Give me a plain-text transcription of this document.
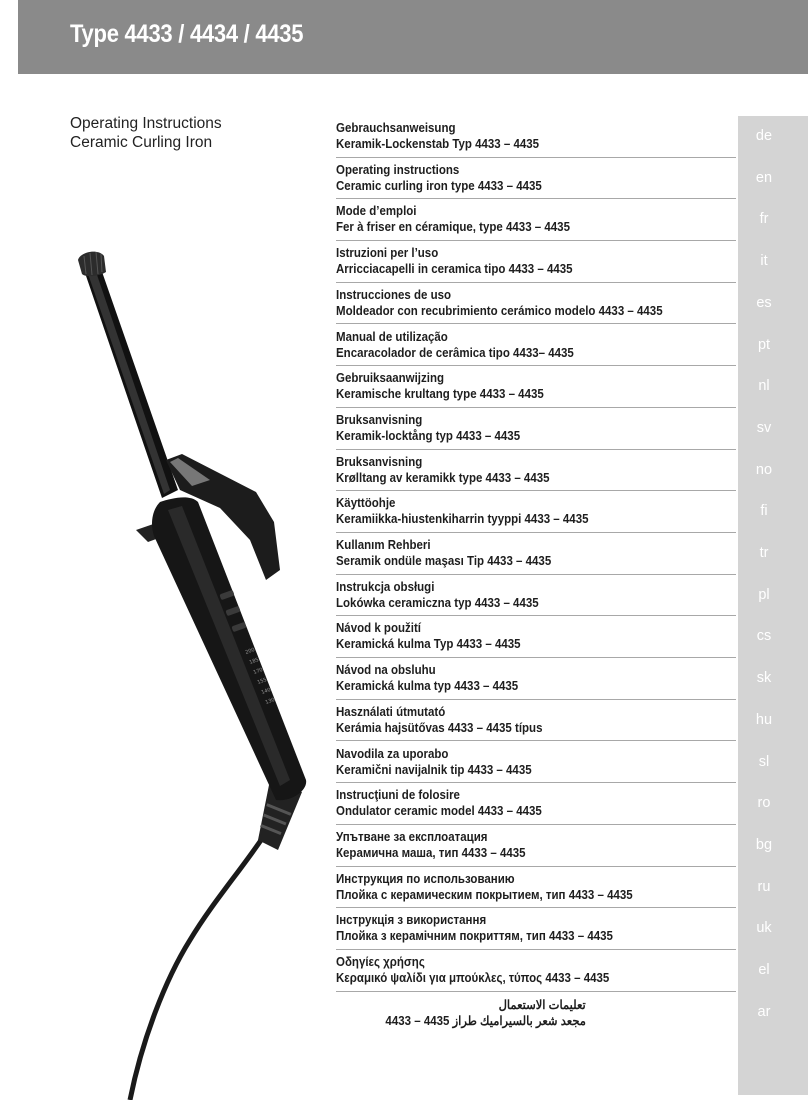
Type 4433 / 4434 / 4435
Operating Instructions
Ceramic Curling Iron
200
185
170
155
140
130
de
en
fr
it
es
pt
nl
sv
no
fi
tr
pl
cs
sk
hu
sl
ro
bg
ru
uk
el
ar
Gebrauchsanweisung
Keramik-Lockenstab Typ 4433 – 4435
Operating instructions
Ceramic curling iron type 4433 – 4435
Mode d’emploi
Fer à friser en céramique, type 4433 – 4435
Istruzioni per l’uso
Arricciacapelli in ceramica tipo 4433 – 4435
Instrucciones de uso
Moldeador con recubrimiento cerámico modelo 4433 – 4435
Manual de utilização
Encaracolador de cerâmica tipo 4433– 4435
Gebruiksaanwijzing
Keramische krultang type 4433 – 4435
Bruksanvisning
Keramik-locktång typ 4433 – 4435
Bruksanvisning
Krølltang av keramikk type 4433 – 4435
Käyttöohje
Keramiikka-hiustenkiharrin tyyppi 4433 – 4435
Kullanım Rehberi
Seramik ondüle maşası Tip 4433 – 4435
Instrukcja obsługi
Lokówka ceramiczna typ 4433 – 4435
Návod k použití
Keramická kulma Typ 4433 – 4435
Návod na obsluhu
Keramická kulma typ 4433 – 4435
Használati útmutató
Kerámia hajsütővas 4433 – 4435 típus
Navodila za uporabo
Keramični navijalnik tip 4433 – 4435
Instrucţiuni de folosire
Ondulator ceramic model 4433 – 4435
Упътване за експлоатация
Керамична маша, тип 4433 – 4435
Инструкция по использованию
Плойка с керамическим покрытием, тип 4433 – 4435
Інструкція з використання
Плойка з керамічним покриттям, тип 4433 – 4435
Οδηγίες χρήσης
Κεραμικό ψαλίδι για μπούκλες, τύπος 4433 – 4435
تعليمات الاستعمال
مجعد شعر بالسيراميك طراز 4435 – 4433
